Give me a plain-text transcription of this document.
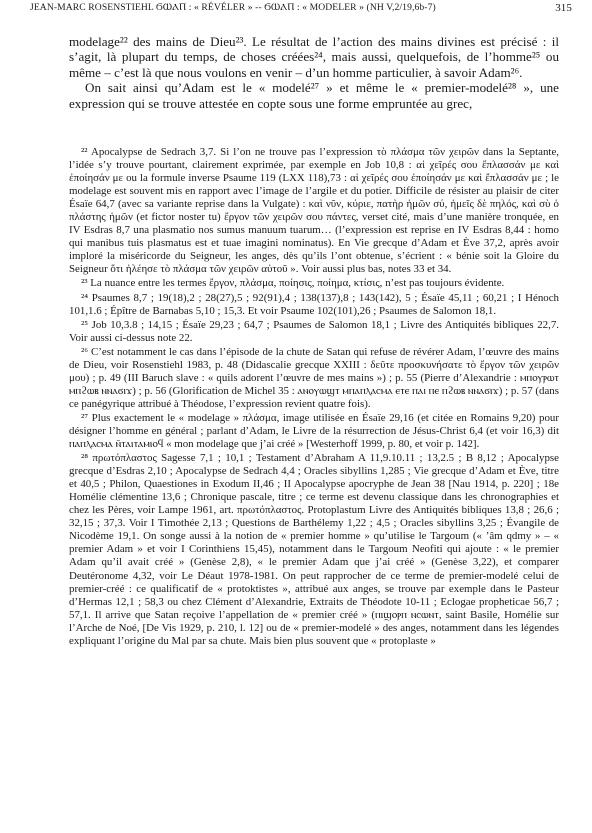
JEAN-MARC ROSENSTIEHL ϬⲰⲀⲠ : « RÉVÉLER » -- ϬⲰⲀⲠ : « MODELER » (NH V,2/19,6b-7)	315

modelage²² des mains de Dieu²³. Le résultat de l’action des mains divines est précisé : il s’agit, là plupart du temps, de choses créées²⁴, mais aussi, quelquefois, de l’homme²⁵ ou même – c’est là que nous voulons en venir – d’un homme particulier, à savoir Adam²⁶.

On sait ainsi qu’Adam est le « modelé²⁷ » et même le « premier-modelé²⁸ », une expression qui se trouve attestée en copte sous une forme empruntée au grec,

²² Apocalypse de Sedrach 3,7. Si l’on ne trouve pas l’expression τὸ πλάσμα τῶν χειρῶν dans la Septante, l’idée s’y trouve pourtant, clairement exprimée, par exemple en Job 10,8 : αἱ χεῖρές σου ἔπλασσάν με καὶ ἐποίησάν με ou la formule inverse Psaume 119 (LXX 118),73 : αἱ χεῖρές σου ἐποίησάν με καὶ ἔπλασσάν με ; le modelage est souvent mis en rapport avec l’image de l’argile et du potier. Difficile de résister au plaisir de citer Ésaïe 64,7 (avec sa variante reprise dans la Vulgate) : καὶ νῦν, κύριε, πατὴρ ἡμῶν σύ, ἡμεῖς δὲ πηλός, καὶ σὺ ὁ πλάστης ἡμῶν (et fictor noster tu) ἔργον τῶν χειρῶν σου πάντες, verset cité, mais d’une manière tronquée, en IV Esdras 8,7 una plasmatio nos sumus manuum tuarum… (l’expression est reprise en IV Esdras 8,44 : homo qui manibus tuis plasmatus est et tuae imagini nominatus). En Vie grecque d’Adam et Ève 37,2, après avoir imploré la miséricorde du Seigneur, les anges, dès qu’ils l’ont obtenue, s’écrient : « bénie soit la Gloire du Seigneur ὅτι ἠλέησε τὸ πλάσμα τῶν χειρῶν αὐτοῦ ». Voir aussi plus bas, notes 33 et 34.

²³ La nuance entre les termes ἔργον, πλάσμα, ποίησις, ποίημα, κτίσις, n’est pas toujours évidente.

²⁴ Psaumes 8,7 ; 19(18),2 ; 28(27),5 ; 92(91),4 ; 138(137),8 ; 143(142), 5 ; Ésaïe 45,11 ; 60,21 ; I Hénoch 101,1.6 ; Épître de Barnabas 5,10 ; 15,3. Et voir Psaume 102(101),26 ; Psaumes de Salomon 18,1.

²⁵ Job 10,3.8 ; 14,15 ; Ésaïe 29,23 ; 64,7 ; Psaumes de Salomon 18,1 ; Livre des Antiquités bibliques 22,7. Voir aussi ci-dessus note 22.

²⁶ C’est notamment le cas dans l’épisode de la chute de Satan qui refuse de révérer Adam, l’œuvre des mains de Dieu, voir Rosenstiehl 1983, p. 48 (Didascalie grecque XXIII : δεῦτε προσκυνήσατε τὸ ἔργον τῶν χειρῶν μου) ; p. 49 (III Baruch slave : « quils adorent l’œuvre de mes mains ») ; p. 55 (Pierre d’Alexandrie : ⲙⲡⲟⲩⲣⲱⲧ ⲙⲡϩⲱⲃ ⲛⲛⲁϭⲓϫ) ; p. 56 (Glorification de Michel 35 : ⲁⲛⲟⲩⲱϣⲧ ⲙⲡⲁⲡⲗⲁⲥⲙⲁ ⲉⲧⲉ ⲡⲁⲓ ⲡⲉ ⲡϩⲱⲃ ⲛⲛⲁϭⲓϫ) ; p. 57 (dans ce panégyrique attribué à Théodose, l’expression revient quatre fois).

²⁷ Plus exactement le « modelage » πλάσμα, image utilisée en Ésaïe 29,16 (et citée en Romains 9,20) pour désigner l’homme en général ; parlant d’Adam, le Livre de la résurrection de Jésus-Christ 6,4 (et voir 16,3) dit ⲡⲁⲡⲗⲁⲥⲙⲁ ⲛ̄ⲧⲁⲓⲧⲁⲙⲓⲟϥ « mon modelage que j’ai créé » [Westerhoff 1999, p. 80, et voir p. 142].

²⁸ πρωτόπλαστος Sagesse 7,1 ; 10,1 ; Testament d’Abraham A 11,9.10.11 ; 13,2.5 ; B 8,12 ; Apocalypse grecque d’Esdras 2,10 ; Apocalypse de Sedrach 4,4 ; Oracles sibyllins 1,285 ; Vie grecque d’Adam et Ève, titre et 40,5 ; Philon, Quaestiones in Exodum II,46 ; II Apocalypse apocryphe de Jean 38 [Nau 1914, p. 220] ; 18e Homélie clémentine 13,6 ; Chronique pascale, titre ; ce terme est devenu classique dans les chronographies et chez les Pères, voir Lampe 1961, art. πρωτόπλαστος. Protoplastum Livre des Antiquités bibliques 13,8 ; 26,6 ; 32,15 ; 37,3. Voir I Timothée 2,13 ; Questions de Barthélemy 1,22 ; 4,5 ; Oracles sibyllins 3,25 ; Évangile de Nicodème 19,1. On songe aussi à la notion de « premier homme » qu’utilise le Targoum (« ’âm qdmy » – « premier Adam » et voir I Corinthiens 15,45), notamment dans le Targoum Neofiti qui ajoute : « le premier Adam qu’il avait créé » (Genèse 2,8), « le premier Adam que j’ai créé » (Genèse 3,22), et comparer Deutéronome 4,32, voir Le Déaut 1978-1981. On peut rapprocher de ce terme de premier-modelé celui de premier-créé : ce qualificatif de « protoktistes », attribué aux anges, se trouve par exemple dans le Pasteur d’Hermas 12,1 ; 58,3 ou chez Clément d’Alexandrie, Extraits de Théodote 10-11 ; Eclogae propheticae 56,7 ; 57,1. Il arrive que Satan reçoive l’appellation de « premier créé » (ⲡⲓϣⲟⲣⲡ ⲛⲥⲱⲛⲧ, saint Basile, Homélie sur l’Arche de Noé, [De Vis 1929, p. 210, l. 12] ou de « premier-modelé » des anges, notamment dans les légendes expliquant l’origine du Mal par sa chute. Mais bien plus souvent que « protoplaste »
